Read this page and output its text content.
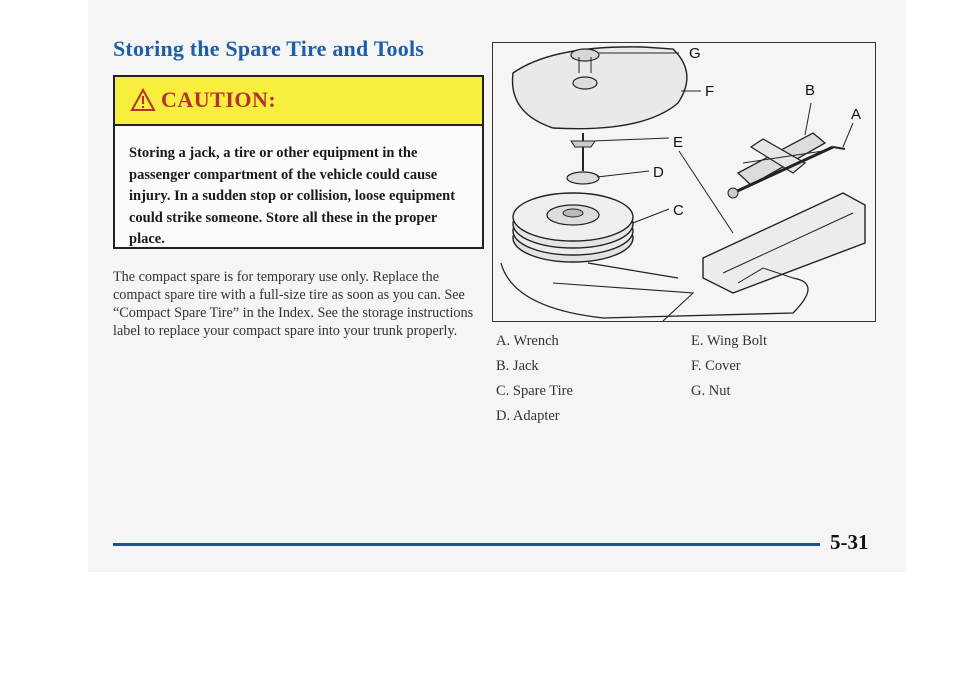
Storing the Spare Tire and Tools
CAUTION:
Storing a jack, a tire or other equipment in the passenger compartment of the vehicle could cause injury. In a sudden stop or collision, loose equipment could strike someone. Store all these in the proper place.
The compact spare is for temporary use only. Replace the compact spare tire with a full-size tire as soon as you can. See “Compact Spare Tire” in the Index. See the storage instructions label to replace your compact spare into your trunk properly.
G
F	B
A
E
D
C
A. Wrench
B. Jack
C. Spare Tire
D. Adapter
E. Wing Bolt
F. Cover
G. Nut
5-31
